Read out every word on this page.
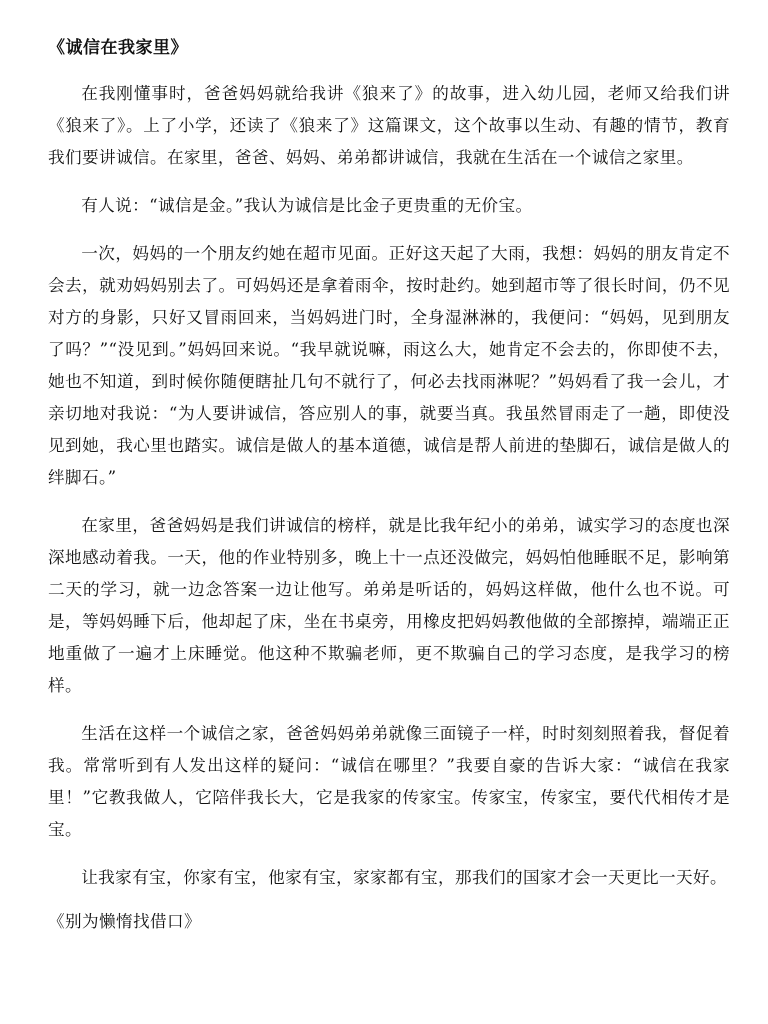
《诚信在我家里》

在我刚懂事时，爸爸妈妈就给我讲《狼来了》的故事，进入幼儿园，老师又给我们讲《狼来了》。上了小学，还读了《狼来了》这篇课文，这个故事以生动、有趣的情节，教育我们要讲诚信。在家里，爸爸、妈妈、弟弟都讲诚信，我就在生活在一个诚信之家里。

有人说：“诚信是金。”我认为诚信是比金子更贵重的无价宝。

一次，妈妈的一个朋友约她在超市见面。正好这天起了大雨，我想：妈妈的朋友肯定不会去，就劝妈妈别去了。可妈妈还是拿着雨伞，按时赴约。她到超市等了很长时间，仍不见对方的身影，只好又冒雨回来，当妈妈进门时，全身湿淋淋的，我便问：“妈妈，见到朋友了吗？”“没见到。”妈妈回来说。“我早就说嘛，雨这么大，她肯定不会去的，你即使不去，她也不知道，到时候你随便瞎扯几句不就行了，何必去找雨淋呢？”妈妈看了我一会儿，才亲切地对我说：“为人要讲诚信，答应别人的事，就要当真。我虽然冒雨走了一趟，即使没见到她，我心里也踏实。诚信是做人的基本道德，诚信是帮人前进的垫脚石，诚信是做人的绊脚石。”

在家里，爸爸妈妈是我们讲诚信的榜样，就是比我年纪小的弟弟，诚实学习的态度也深深地感动着我。一天，他的作业特别多，晚上十一点还没做完，妈妈怕他睡眠不足，影响第二天的学习，就一边念答案一边让他写。弟弟是听话的，妈妈这样做，他什么也不说。可是，等妈妈睡下后，他却起了床，坐在书桌旁，用橡皮把妈妈教他做的全部擦掉，端端正正地重做了一遍才上床睡觉。他这种不欺骗老师，更不欺骗自己的学习态度，是我学习的榜样。

生活在这样一个诚信之家，爸爸妈妈弟弟就像三面镜子一样，时时刻刻照着我，督促着我。常常听到有人发出这样的疑问：“诚信在哪里？”我要自豪的告诉大家：“诚信在我家里！”它教我做人，它陪伴我长大，它是我家的传家宝。传家宝，传家宝，要代代相传才是宝。

让我家有宝，你家有宝，他家有宝，家家都有宝，那我们的国家才会一天更比一天好。

《别为懒惰找借口》
